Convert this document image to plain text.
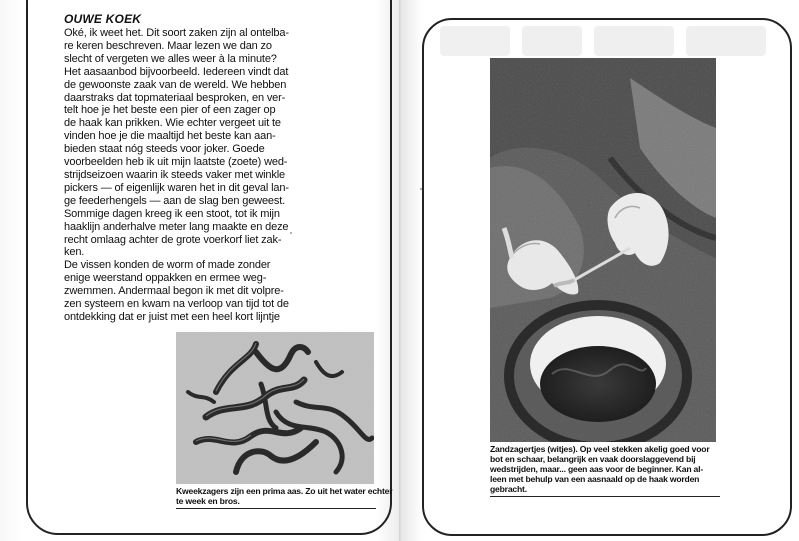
OUWE KOEK
Oké, ik weet het. Dit soort zaken zijn al ontelba-
re keren beschreven. Maar lezen we dan zo
slecht of vergeten we alles weer à la minute?
Het aasaanbod bijvoorbeeld. Iedereen vindt dat
de gewoonste zaak van de wereld. We hebben
daarstraks dat topmateriaal besproken, en ver-
telt hoe je het beste een pier of een zager op
de haak kan prikken. Wie echter vergeet uit te
vinden hoe je die maaltijd het beste kan aan-
bieden staat nóg steeds voor joker. Goede
voorbeelden heb ik uit mijn laatste (zoete) wed-
strijdseizoen waarin ik steeds vaker met winkle
pickers — of eigenlijk waren het in dit geval lan-
ge feederhengels — aan de slag ben geweest.
Sommige dagen kreeg ik een stoot, tot ik mijn
haaklijn anderhalve meter lang maakte en deze
recht omlaag achter de grote voerkorf liet zak-
ken.
De vissen konden de worm of made zonder
enige weerstand oppakken en ermee weg-
zwemmen. Andermaal begon ik met dit volpre-
zen systeem en kwam na verloop van tijd tot de
ontdekking dat er juist met een heel kort lijntje
Kweekzagers zijn een prima aas. Zo uit het water echter
te week en bros.
Zandzagertjes (witjes). Op veel stekken akelig goed voor
bot en schaar, belangrijk en vaak doorslaggevend bij
wedstrijden, maar... geen aas voor de beginner. Kan al-
leen met behulp van een aasnaald op de haak worden
gebracht.
